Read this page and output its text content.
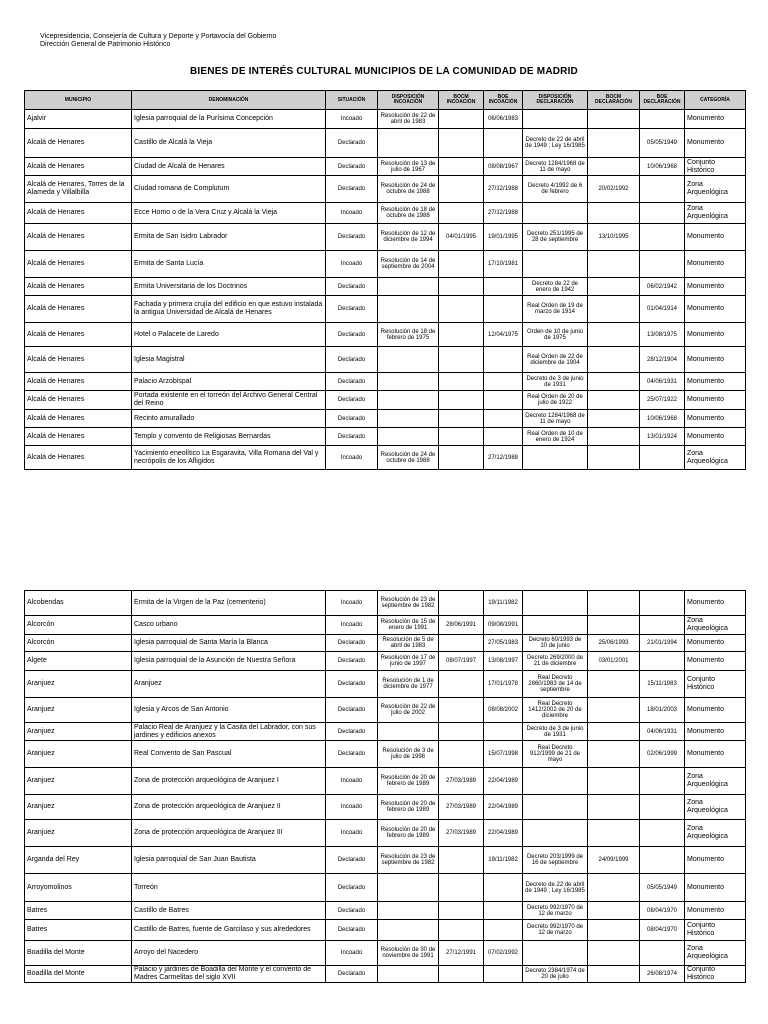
Vicepresidencia, Consejería de Cultura y Deporte y Portavocía del Gobierno
Dirección General de Patrimonio Histórico
BIENES DE INTERÉS CULTURAL MUNICIPIOS DE LA COMUNIDAD DE MADRID
MUNICIPIO	DENOMINACIÓN	SITUACIÓN	DISPOSICIÓN INCOACIÓN	BOCM INCOACIÓN	BOE INCOACIÓN	DISPOSICIÓN DECLARACIÓN	BOCM DECLARACIÓN	BOE DECLARACIÓN	CATEGORÍA
Ajalvir	Iglesia parroquial de la Purísima Concepción	Incoado	Resolución de 22 de abril de 1983		06/06/1983				Monumento
Alcalá de Henares	Castillo de Alcalá la Vieja	Declarado				Decreto de 22 de abril de 1949 ; Ley 16/1985		05/05/1949	Monumento
Alcalá de Henares	Ciudad de Alcalá de Henares	Declarado	Resolución de 13 de julio de 1967		08/08/1967	Decreto 1284/1968 de 11 de mayo		10/06/1968	Conjunto Histórico
Alcalá de Henares, Torres de la Alameda y Villalbilla	Ciudad romana de Complutum	Declarado	Resolución de 24 de octubre de 1988		27/12/1988	Decreto 4/1992 de 6 de febrero	20/02/1992		Zona Arqueológica
Alcalá de Henares	Ecce Homo o de la Vera Cruz y Alcalá la Vieja	Incoado	Resolución de 18 de octubre de 1988		27/12/1988				Zona Arqueológica
Alcalá de Henares	Ermita de San Isidro Labrador	Declarado	Resolución de 12 de diciembre de 1994	04/01/1995	19/01/1995	Decreto 251/1995 de 28 de septiembre	13/10/1995		Monumento
Alcalá de Henares	Ermita de Santa Lucía	Incoado	Resolución de 14 de septiembre de 2004		17/10/1981				Monumento
Alcalá de Henares	Ermita Universitaria de los Doctrinos	Declarado				Decreto de 22 de enero de 1942		06/02/1942	Monumento
Alcalá de Henares	Fachada y primera crujía del edificio en que estuvo instalada la antigua Universidad de Alcalá de Henares	Declarado				Real Orden de 19 de marzo de 1914		01/04/1914	Monumento
Alcalá de Henares	Hotel o Palacete de Laredo	Declarado	Resolución de 18 de febrero de 1975		12/04/1975	Orden de 10 de junio de 1975		13/08/1975	Monumento
Alcalá de Henares	Iglesia Magistral	Declarado				Real Orden de 22 de diciembre de 1904		28/12/1904	Monumento
Alcalá de Henares	Palacio Arzobispal	Declarado				Decreto de 3 de junio de 1931		04/06/1931	Monumento
Alcalá de Henares	Portada existente en el torreón del Archivo General Central del Reino	Declarado				Real Orden de 20 de julio de 1922		25/07/1922	Monumento
Alcalá de Henares	Recinto amurallado	Declarado				Decreto 1284/1968 de 11 de mayo		10/06/1968	Monumento
Alcalá de Henares	Templo y convento de Religiosas Bernardas	Declarado				Real Orden de 10 de enero de 1924		13/01/1924	Monumento
Alcalá de Henares	Yacimiento eneolítico La Esgaravita, Villa Romana del Val y necrópolis de los Afligidos	Incoado	Resolución de 24 de octubre de 1988		27/12/1988				Zona Arqueológica
Alcobendas	Ermita de la Virgen de la Paz (cementerio)	Incoado	Resolución de 23 de septiembre de 1982		19/11/1982				Monumento
Alcorcón	Casco urbano	Incoado	Resolución de 15 de enero de 1991	28/06/1991	09/08/1991				Zona Arqueológica
Alcorcón	Iglesia parroquial de Santa María la Blanca	Declarado	Resolución de 5 de abril de 1983		27/05/1983	Decreto 60/1993 de 10 de junio	25/06/1993	21/01/1994	Monumento
Algete	Iglesia parroquial de la Asunción de Nuestra Señora	Declarado	Resolución de 17 de junio de 1997	08/07/1997	13/08/1997	Decreto 269/2000 de 21 de diciembre	03/01/2001		Monumento
Aranjuez	Aranjuez	Declarado	Resolución de 1 de diciembre de 1977		17/01/1978	Real Decreto 2860/1983 de 14 de septiembre		15/11/1983	Conjunto Histórico
Aranjuez	Iglesia y Arcos de San Antonio	Declarado	Resolución de 22 de julio de 2002		08/08/2002	Real Decreto 1412/2002 de 20 de diciembre		18/01/2003	Monumento
Aranjuez	Palacio Real de Aranjuez y la Casita del Labrador, con sus jardines y edificios anexos	Declarado				Decreto de 3 de junio de 1931		04/06/1931	Monumento
Aranjuez	Real Convento de San Pascual	Declarado	Resolución de 3 de julio de 1998		15/07/1998	Real Decreto 912/1999 de 21 de mayo		02/06/1999	Monumento
Aranjuez	Zona de protección arqueológica de Aranjuez I	Incoado	Resolución de 20 de febrero de 1989	27/03/1989	22/04/1989				Zona Arqueológica
Aranjuez	Zona de protección arqueológica de Aranjuez II	Incoado	Resolución de 20 de febrero de 1989	27/03/1989	22/04/1989				Zona Arqueológica
Aranjuez	Zona de protección arqueológica de Aranjuez III	Incoado	Resolución de 20 de febrero de 1989	27/03/1989	22/04/1989				Zona Arqueológica
Arganda del Rey	Iglesia parroquial de San Juan Bautista	Declarado	Resolución de 23 de septiembre de 1982		19/11/1982	Decreto 203/1999 de 16 de septiembre	24/09/1999		Monumento
Arroyomolinos	Torreón	Declarado				Decreto de 22 de abril de 1949 ; Ley 16/1985		05/05/1949	Monumento
Batres	Castillo de Batres	Declarado				Decreto 992/1970 de 12 de marzo		08/04/1970	Monumento
Batres	Castillo de Batres, fuente de Garcilaso y sus alrededores	Declarado				Decreto 992/1970 de 12 de marzo		08/04/1970	Conjunto Histórico
Boadilla del Monte	Arroyo del Nacedero	Incoado	Resolución de 30 de noviembre de 1991	27/12/1991	07/02/1992				Zona Arqueológica
Boadilla del Monte	Palacio y jardines de Boadilla del Monte y el convento de Madres Carmelitas del siglo XVII	Declarado				Decreto 2384/1974 de 20 de julio		26/08/1974	Conjunto Histórico
